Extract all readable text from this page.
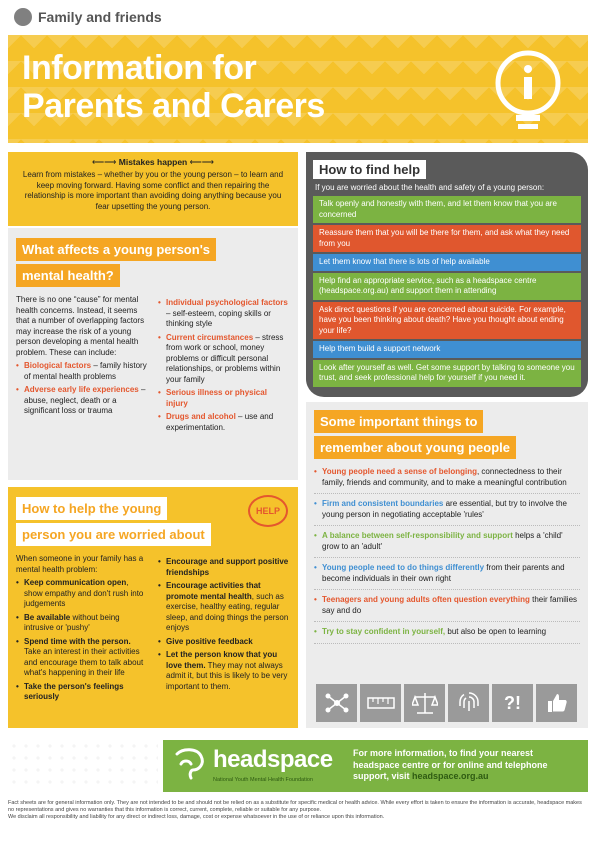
Family and friends
Information for
Parents and Carers
⟵⟶ Mistakes happen ⟵⟶

Learn from mistakes – whether by you or the young person – to learn and keep moving forward. Having some conflict and then repairing the relationship is more important than avoiding doing anything because you fear upsetting the young person.

What affects a young person's
mental health?
There is no one “cause” for mental health concerns. Instead, it seems that a number of overlapping factors may increase the risk of a young person developing a mental health problem. These can include:
• Biological factors – family history of mental health problems
• Adverse early life experiences – abuse, neglect, death or a significant loss or trauma
• Individual psychological factors – self-esteem, coping skills or thinking style
• Current circumstances – stress from work or school, money problems or difficult personal relationships, or problems within your family
• Serious illness or physical injury
• Drugs and alcohol – use and experimentation.
How to help the young
person you are worried about
HELP
When someone in your family has a mental health problem:
• Keep communication open, show empathy and don't rush into judgements
• Be available without being intrusive or 'pushy'
• Spend time with the person. Take an interest in their activities and encourage them to talk about what's happening in their life
• Take the person's feelings seriously
• Encourage and support positive friendships
• Encourage activities that promote mental health, such as exercise, healthy eating, regular sleep, and doing things the person enjoys
• Give positive feedback
• Let the person know that you love them. They may not always admit it, but this is likely to be very important to them.
How to find help
If you are worried about the health and safety of a young person:
Talk openly and honestly with them, and let them know that you are concerned
Reassure them that you will be there for them, and ask what they need from you
Let them know that there is lots of help available
Help find an appropriate service, such as a headspace centre (headspace.org.au) and support them in attending
Ask direct questions if you are concerned about suicide. For example, have you been thinking about death? Have you thought about ending your life?
Help them build a support network
Look after yourself as well. Get some support by talking to someone you trust, and seek professional help for yourself if you need it.
Some important things to
remember about young people
• Young people need a sense of belonging, connectedness to their family, friends and community, and to make a meaningful contribution
• Firm and consistent boundaries are essential, but try to involve the young person in negotiating acceptable 'rules'
• A balance between self-responsibility and support helps a 'child' grow to an 'adult'
• Young people need to do things differently from their parents and become individuals in their own right
• Teenagers and young adults often question everything their families say and do
• Try to stay confident in yourself, but also be open to learning
?!
headspace
National Youth Mental Health Foundation
For more information, to find your nearest headspace centre or for online and telephone support, visit headspace.org.au
Fact sheets are for general information only. They are not intended to be and should not be relied on as a substitute for specific medical or health advice. While every effort is taken to ensure the information is accurate, headspace makes no representations and gives no warranties that this information is correct, current, complete, reliable or suitable for any purpose.
We disclaim all responsibility and liability for any direct or indirect loss, damage, cost or expense whatsoever in the use of or reliance upon this information.
